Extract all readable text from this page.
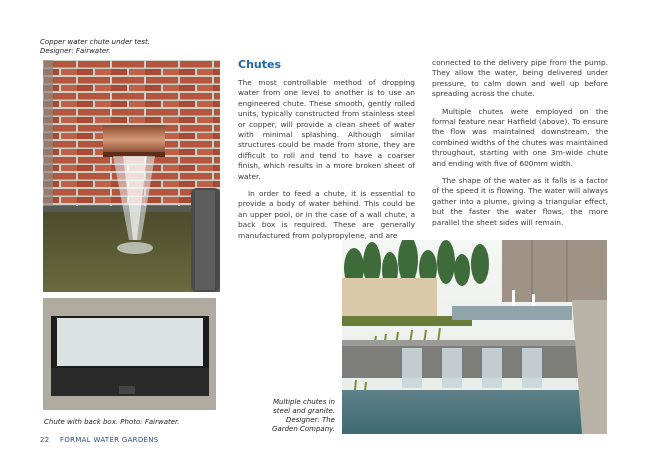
Copper water chute under test.
Designer: Fairwater.
Chute with back box. Photo: Fairwater.
Chutes

The most controllable method of dropping water from one level to another is to use an engineered chute. These smooth, gently rolled units, typically constructed from stainless steel or copper, will provide a clean sheet of water with minimal splashing. Although similar structures could be made from stone, they are difficult to roll and tend to have a coarser finish, which results in a more broken sheet of water.

In order to feed a chute, it is essential to provide a body of water behind. This could be an upper pool, or in the case of a wall chute, a back box is required. These are generally manufactured from polypropylene, and are

connected to the delivery pipe from the pump. They allow the water, being delivered under pressure, to calm down and well up before spreading across the chute.

Multiple chutes were employed on the formal feature near Hatfield (above). To ensure the flow was maintained downstream, the combined widths of the chutes was maintained throughout, starting with one 3m-wide chute and ending with five of 600mm width.

The shape of the water as it falls is a factor of the speed it is flowing. The water will always gather into a plume, giving a triangular effect, but the faster the water flows, the more parallel the sheet sides will remain.

Multiple chutes in
steel and granite.
Designer: The
Garden Company.
22 FORMAL WATER GARDENS
